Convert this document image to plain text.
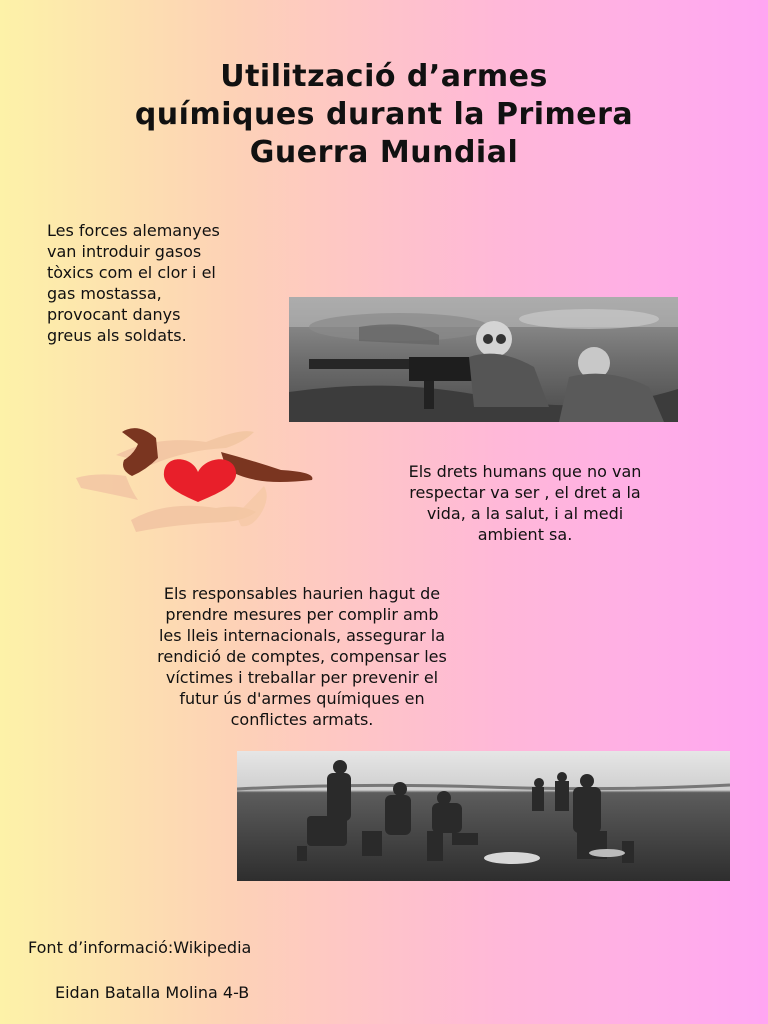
Utilització d’armes
químiques durant la Primera
Guerra Mundial
Les forces alemanyes
van introduir gasos
tòxics com el clor i el
gas mostassa,
provocant danys
greus als soldats.
Els drets humans que no van
respectar va ser , el dret a la
vida, a la salut, i al medi
ambient sa.
Els responsables haurien hagut de
prendre mesures per complir amb
les lleis internacionals, assegurar la
rendició de comptes, compensar les
víctimes i treballar per prevenir el
futur ús d'armes químiques en
conflictes armats.
Font d’informació:Wikipedia
Eidan Batalla Molina 4-B
